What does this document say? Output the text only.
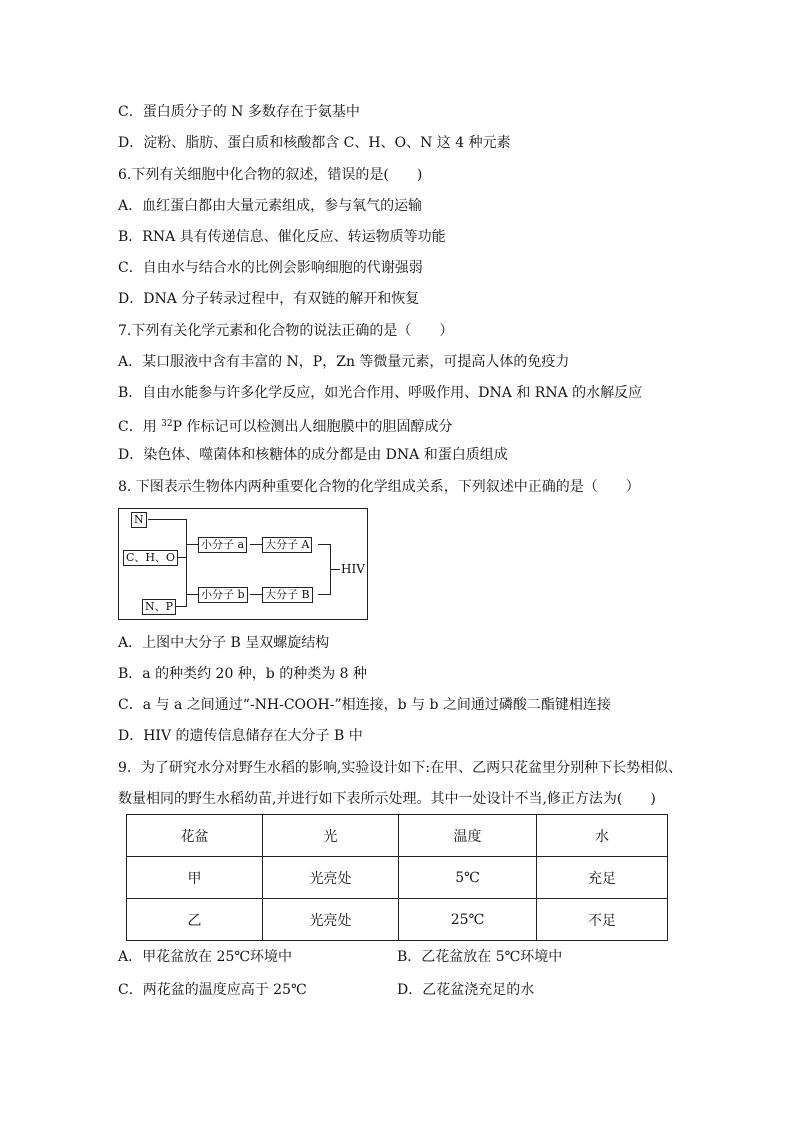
C．蛋白质分子的 N 多数存在于氨基中
D．淀粉、脂肪、蛋白质和核酸都含 C、H、O、N 这 4 种元素
6.下列有关细胞中化合物的叙述，错误的是(　　)
A．血红蛋白都由大量元素组成，参与氧气的运输
B．RNA 具有传递信息、催化反应、转运物质等功能
C．自由水与结合水的比例会影响细胞的代谢强弱
D．DNA 分子转录过程中，有双链的解开和恢复
7.下列有关化学元素和化合物的说法正确的是（　　）
A．某口服液中含有丰富的 N，P，Zn 等微量元素，可提高人体的免疫力
B．自由水能参与许多化学反应，如光合作用、呼吸作用、DNA 和 RNA 的水解反应
C．用 $^{32}$P 作标记可以检测出人细胞膜中的胆固醇成分
D．染色体、噬菌体和核糖体的成分都是由 DNA 和蛋白质组成
8. 下图表示生物体内两种重要化合物的化学组成关系，下列叙述中正确的是（　　）
N
C、H、O
N、P
小分子 a
小分子 b
大分子 A
大分子 B
HIV
A．上图中大分子 B 呈双螺旋结构
B．a 的种类约 20 种，b 的种类为 8 种
C．a 与 a 之间通过“-NH-COOH-”相连接，b 与 b 之间通过磷酸二酯键相连接
D．HIV 的遗传信息储存在大分子 B 中
9．为了研究水分对野生水稻的影响,实验设计如下:在甲、乙两只花盆里分别种下长势相似、
数量相同的野生水稻幼苗,并进行如下表所示处理。其中一处设计不当,修正方法为(　　)
花盆	光	温度	水
甲	光亮处	5℃	充足
乙	光亮处	25℃	不足
A．甲花盆放在 25℃环境中	B．乙花盆放在 5℃环境中
C．两花盆的温度应高于 25℃	D．乙花盆浇充足的水
